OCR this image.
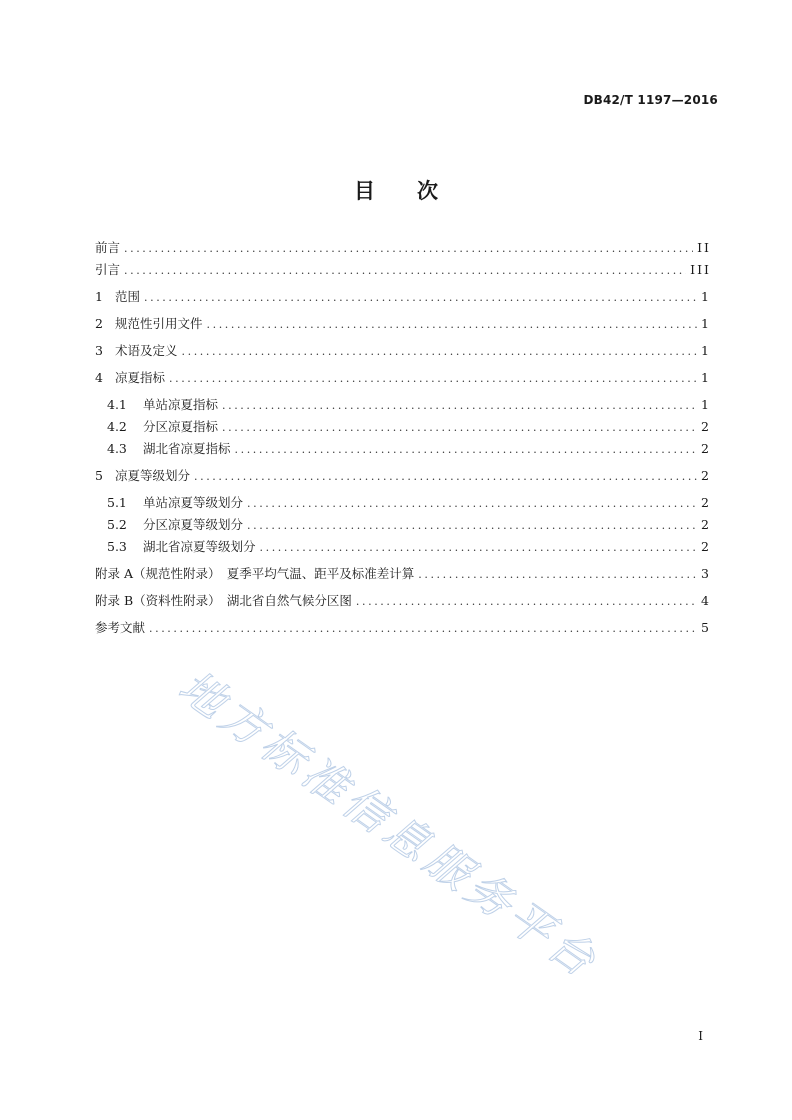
DB42/T 1197—2016
目 次
前言 .....	II
引言 .....	III
1 范围 .....	1
2 规范性引用文件 .....	1
3 术语及定义 .....	1
4 凉夏指标 .....	1
4.1 单站凉夏指标 .....	1
4.2 分区凉夏指标 .....	2
4.3 湖北省凉夏指标 .....	2
5 凉夏等级划分 .....	2
5.1 单站凉夏等级划分 .....	2
5.2 分区凉夏等级划分 .....	2
5.3 湖北省凉夏等级划分 .....	2
附录 A（规范性附录）　夏季平均气温、距平及标准差计算 .....	3
附录 B（资料性附录）　湖北省自然气候分区图 .....	4
参考文献 .....	5
地方标准信息服务平台
I
